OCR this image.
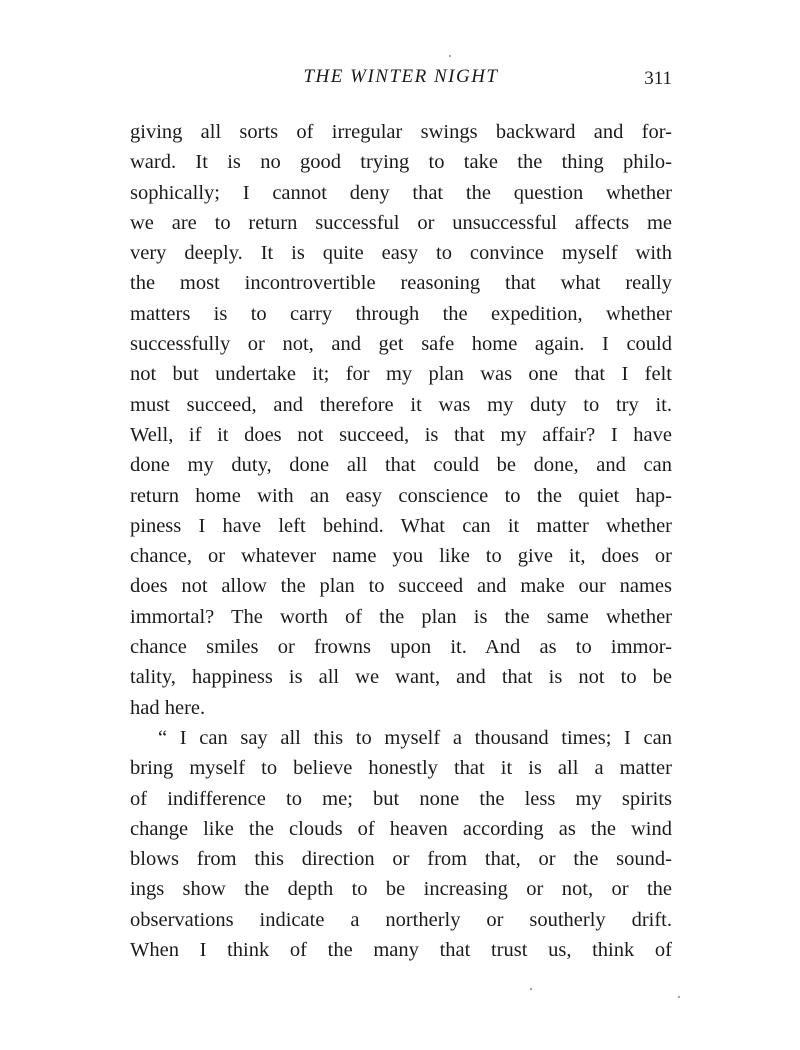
THE WINTER NIGHT	311
giving all sorts of irregular swings backward and for-
ward. It is no good trying to take the thing philo-
sophically; I cannot deny that the question whether
we are to return successful or unsuccessful affects me
very deeply. It is quite easy to convince myself with
the most incontrovertible reasoning that what really
matters is to carry through the expedition, whether
successfully or not, and get safe home again. I could
not but undertake it; for my plan was one that I felt
must succeed, and therefore it was my duty to try it.
Well, if it does not succeed, is that my affair? I have
done my duty, done all that could be done, and can
return home with an easy conscience to the quiet hap-
piness I have left behind. What can it matter whether
chance, or whatever name you like to give it, does or
does not allow the plan to succeed and make our names
immortal? The worth of the plan is the same whether
chance smiles or frowns upon it. And as to immor-
tality, happiness is all we want, and that is not to be
had here.
“ I can say all this to myself a thousand times; I can
bring myself to believe honestly that it is all a matter
of indifference to me; but none the less my spirits
change like the clouds of heaven according as the wind
blows from this direction or from that, or the sound-
ings show the depth to be increasing or not, or the
observations indicate a northerly or southerly drift.
When I think of the many that trust us, think of
